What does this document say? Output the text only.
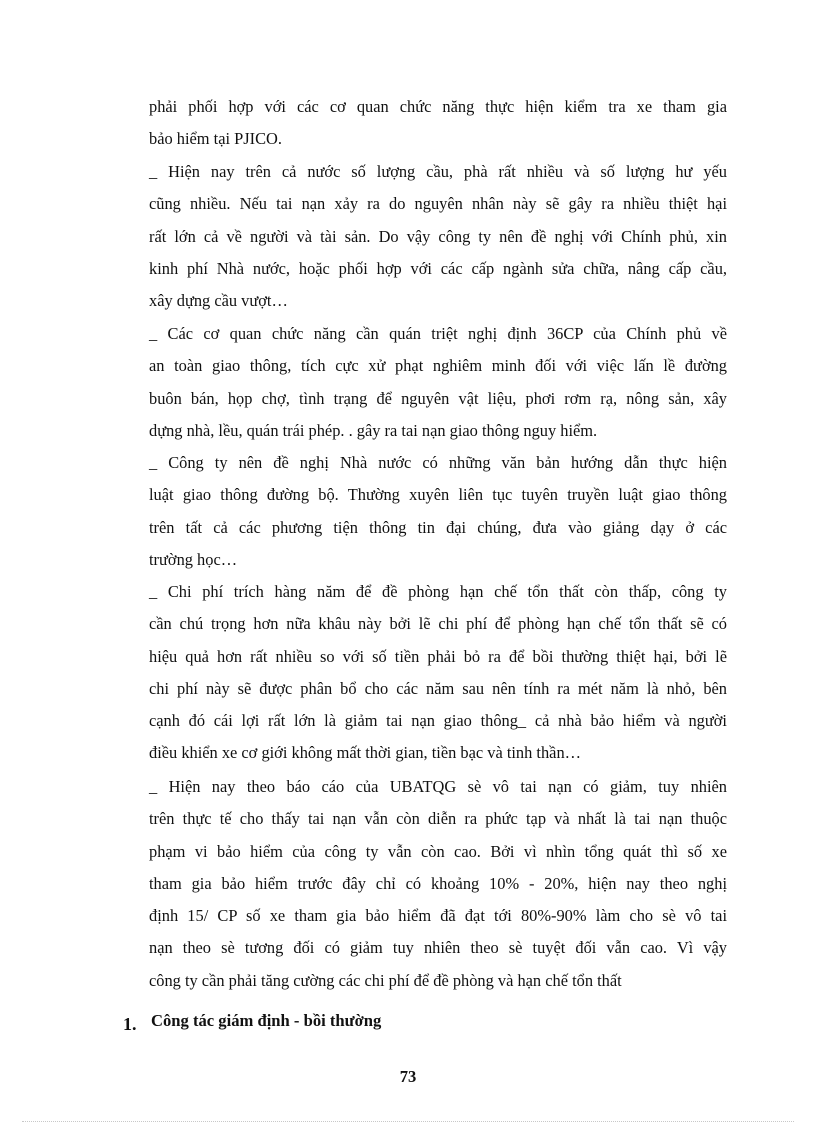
phải phối hợp với các cơ quan chức năng thực hiện kiểm tra xe tham gia
bảo hiểm tại PJICO.
_ Hiện nay trên cả nước số lượng cầu, phà rất nhiều và số lượng hư yếu
cũng nhiều. Nếu tai nạn xảy ra do nguyên nhân này sẽ gây ra nhiều thiệt hại
rất lớn cả về người và tài sản. Do vậy công ty nên đề nghị với Chính phủ, xin
kinh phí Nhà nước, hoặc phối hợp với các cấp ngành sửa chữa, nâng cấp cầu,
xây dựng cầu vượt…
_ Các cơ quan chức năng cần quán triệt nghị định 36CP của Chính phủ về
an toàn giao thông, tích cực xử phạt nghiêm minh đối với việc lấn lề đường
buôn bán, họp chợ, tình trạng để nguyên vật liệu, phơi rơm rạ, nông sản, xây
dựng nhà, lều, quán trái phép. . gây ra tai nạn giao thông nguy hiểm.
_ Công ty nên đề nghị Nhà nước có những văn bản hướng dẫn thực hiện
luật giao thông đường bộ. Thường xuyên liên tục tuyên truyền luật giao thông
trên tất cả các phương tiện thông tin đại chúng, đưa vào giảng dạy ở các
trường học…
_ Chi phí trích hàng năm để đề phòng hạn chế tổn thất còn thấp, công ty
cần chú trọng hơn nữa khâu này bởi lẽ chi phí để phòng hạn chế tổn thất sẽ có
hiệu quả hơn rất nhiều so với số tiền phải bỏ ra để bồi thường thiệt hại, bởi lẽ
chi phí này sẽ được phân bổ cho các năm sau nên tính ra mét năm là nhỏ, bên
cạnh đó cái lợi rất lớn là giảm tai nạn giao thông_ cả nhà bảo hiểm và người
điều khiển xe cơ giới không mất thời gian, tiền bạc và tinh thần…
_ Hiện nay theo báo cáo của UBATQG sè vô tai nạn có giảm, tuy nhiên
trên thực tế cho thấy tai nạn vẫn còn diễn ra phức tạp và nhất là tai nạn thuộc
phạm vi bảo hiểm của công ty vẫn còn cao. Bởi vì nhìn tổng quát thì số xe
tham gia bảo hiểm trước đây chỉ có khoảng 10% - 20%, hiện nay theo nghị
định 15/ CP số xe tham gia bảo hiểm đã đạt tới 80%-90% làm cho sè vô tai
nạn theo sè tương đối có giảm tuy nhiên theo sè tuyệt đối vẫn cao. Vì vậy
công ty cần phải tăng cường các chi phí để đề phòng và hạn chế tổn thất
1. Công tác giám định - bồi thường
73
